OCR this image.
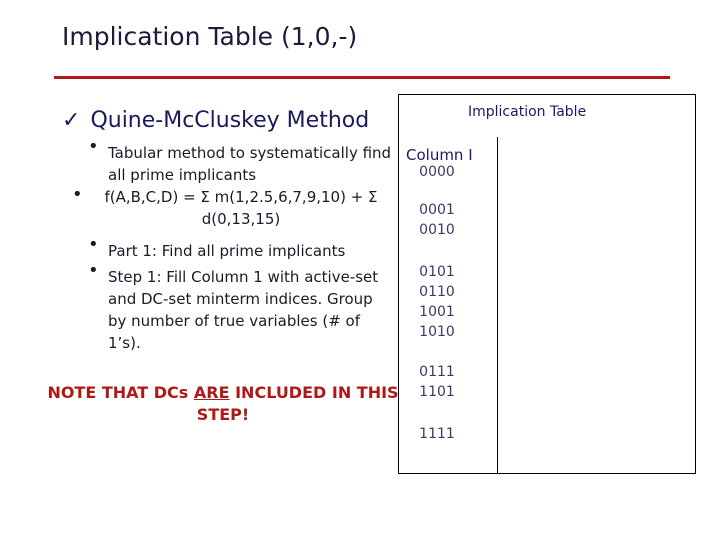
Implication Table (1,0,-)
✓ Quine-McCluskey Method
• Tabular method to systematically find all prime implicants
• f(A,B,C,D) = Σ m(1,2.5,6,7,9,10) + Σ d(0,13,15)
• Part 1: Find all prime implicants
• Step 1: Fill Column 1 with active-set and DC-set minterm indices. Group by number of true variables (# of 1’s).
NOTE THAT DCs ARE INCLUDED IN THIS STEP!
Implication Table
Column I
0000
0001
0010
0101
0110
1001
1010
0111
1101
1111
